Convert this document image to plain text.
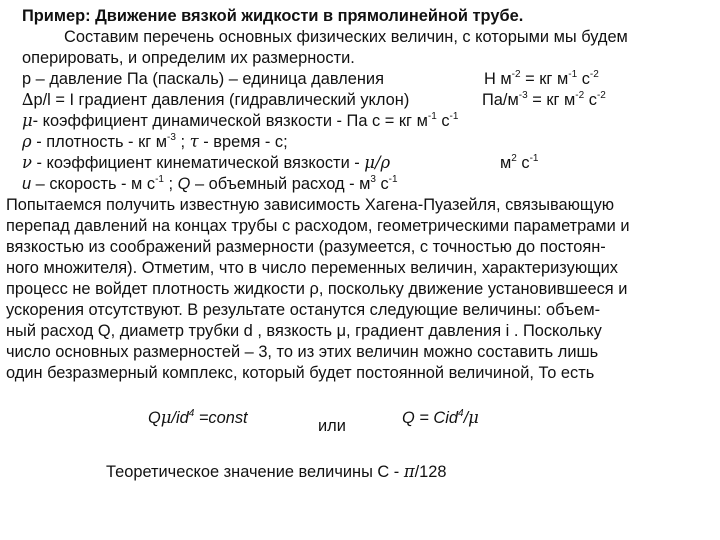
Пример: Движение вязкой жидкости в прямолинейной трубе.
Составим перечень основных физических величин, с которыми мы будем
оперировать, и определим их размерности.
р – давление Па (паскаль) – единица давления	Н $м^{-2}$ = кг $м^{-1}$ $с^{-2}$
∆p/l = I градиент давления (гидравлический уклон)	$Па/м^{-3}$ = кг $м^{-2}$ $с^{-2}$
μ- коэффициент динамической вязкости - Па с = кг $м^{-1}$ $с^{-1}$
ρ - плотность - кг $м^{-3}$ ; τ - время - с;
ν - коэффициент кинематической вязкости - μ/ρ	$м^2$ $с^{-1}$
u – скорость - м $с^{-1}$ ; Q – объемный расход - $м^3$ $с^{-1}$
Попытаемся получить известную зависимость Хагена-Пуазейля, связывающую
перепад давлений на концах трубы с расходом, геометрическими параметрами и
вязкостью из соображений размерности (разумеется, с точностью до постоян-
ного множителя). Отметим, что в число переменных величин, характеризующих
процесс не войдет плотность жидкости ρ, поскольку движение установившееся и
ускорения отсутствуют. В результате останутся следующие величины: объем-
ный расход Q, диаметр трубки d , вязкость μ, градиент давления i . Поскольку
число основных размерностей – 3, то из этих величин можно составить лишь
один безразмерный комплекс, который будет постоянной величиной, То есть
$Q\mu/id^4$ =const	или	Q = Cid$^4$/μ
Теоретическое значение величины С - π/128
